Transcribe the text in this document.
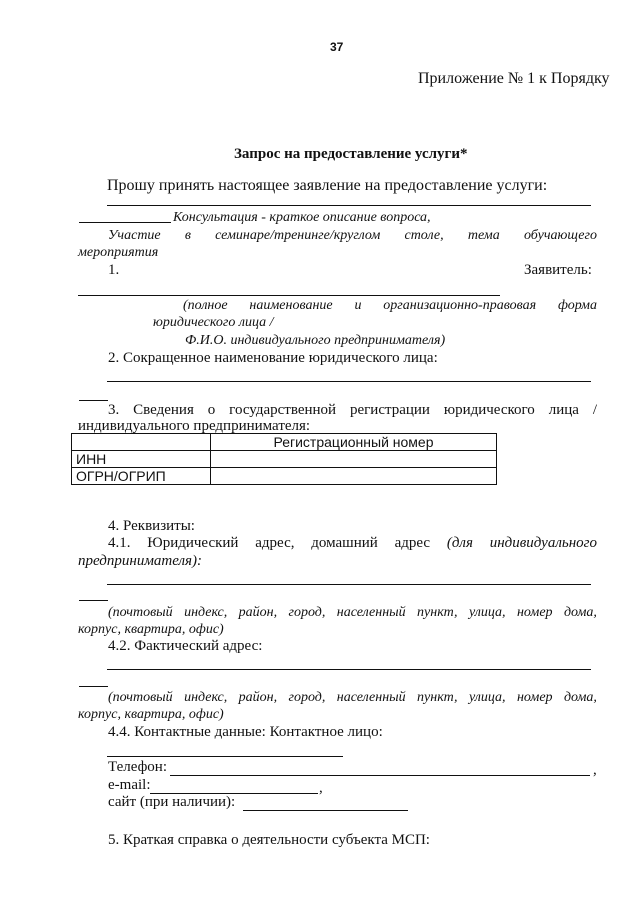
37
Приложение № 1 к Порядку
Запрос на предоставление услуги*
Прошу принять настоящее заявление на предоставление услуги:
Консультация - краткое описание вопроса,
Участие в семинаре/тренинге/круглом столе, тема обучающего
мероприятия
1.	Заявитель:
(полное наименование и организационно-правовая форма
юридического лица /
Ф.И.О. индивидуального предпринимателя)
2. Сокращенное наименование юридического лица:
3. Сведения о государственной регистрации юридического лица /
индивидуального предпринимателя:
	Регистрационный номер
ИНН	
ОГРН/ОГРИП	
4. Реквизиты:
4.1. Юридический адрес, домашний адрес (для индивидуального
предпринимателя):
(почтовый индекс, район, город, населенный пункт, улица, номер дома,
корпус, квартира, офис)
4.2. Фактический адрес:
(почтовый индекс, район, город, населенный пункт, улица, номер дома,
корпус, квартира, офис)
4.4. Контактные данные: Контактное лицо:
Телефон:	,
e-mail:	,
сайт (при наличии):
5. Краткая справка о деятельности субъекта МСП:
